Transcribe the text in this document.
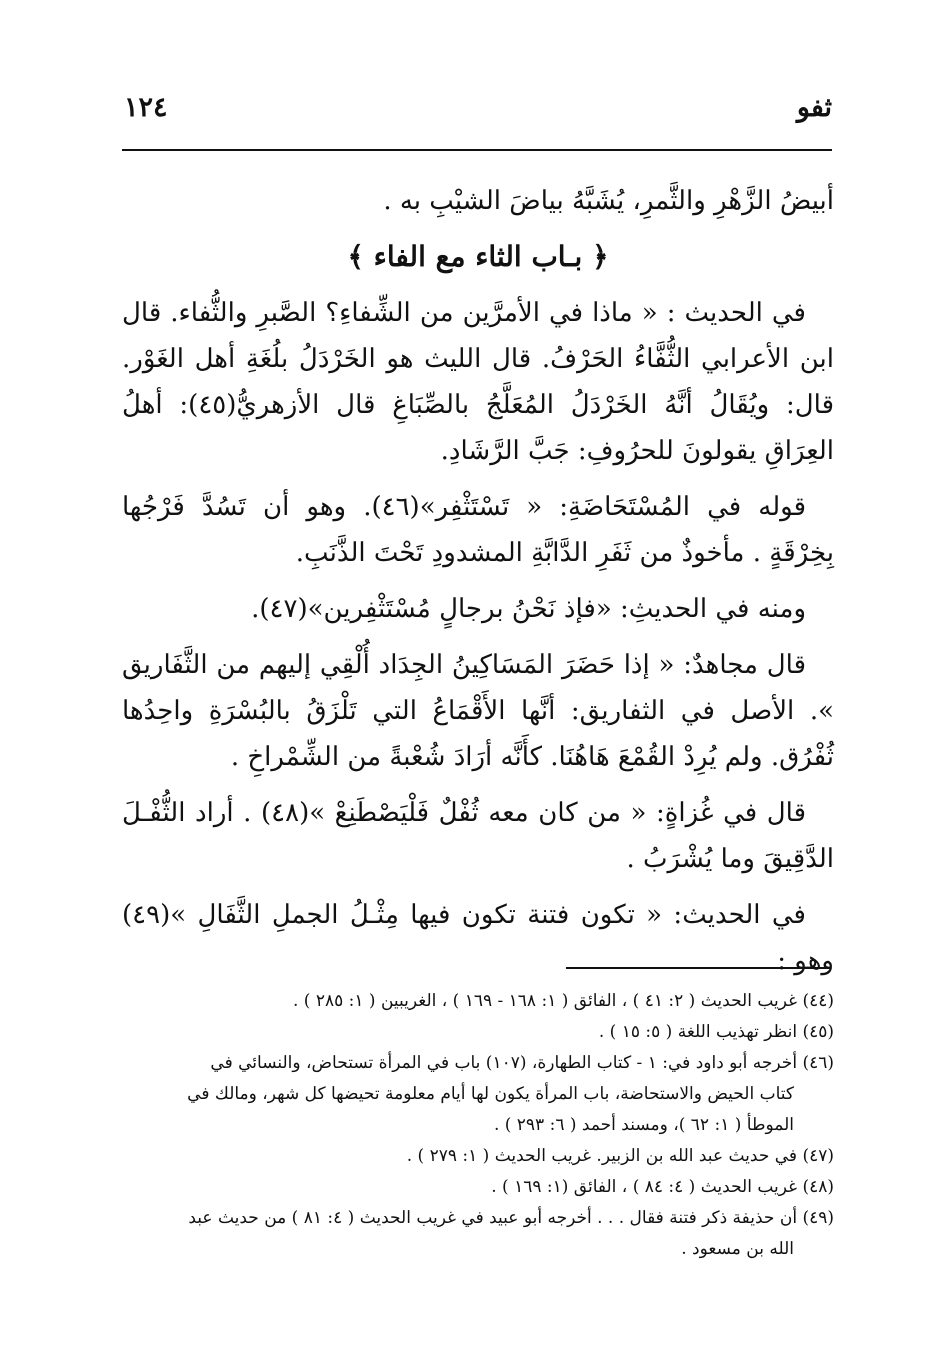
ثفو
١٢٤

أبيضُ الزَّهْرِ والثَّمرِ، يُشَبَّهُ بياضَ الشيْبِ به .

﴿ بـاب الثاء مع الفاء ﴾

في الحديث : « ماذا في الأمرَّين من الشِّفاءِ؟ الصَّبرِ والثُّفاء. قال ابن الأعرابي الثُّفَّاءُ الحَرْفُ. قال الليث هو الخَرْدَلُ بلُغَةِ أهل الغَوْر. قال: ويُقَالُ أنَّهُ الخَرْدَلُ المُعَلَّجُ بالصِّبَاغِ قال الأزهريُّ(٤٥): أهلُ العِرَاقِ يقولونَ للحرُوفِ: جَبَّ الرَّشَادِ.

قوله في المُسْتَحَاضَةِ: « تَسْتَثْفِر»(٤٦). وهو أن تَسُدَّ فَرْجُها بِخِرْقَةٍ . مأخوذٌ من ثَفَرِ الدَّابَّةِ المشدودِ تَحْتَ الذَّنَبِ.

ومنه في الحديثِ: «فإذ نَحْنُ برجالٍ مُسْتَثْفِرين»(٤٧).

قال مجاهدٌ: « إذا حَضَرَ المَسَاكِينُ الجِدَاد أُلْقِي إليهم من الثَّفَاريق ». الأصل في الثفاريق: أنَّها الأَقْمَاعُ التي تَلْزَقُ بالبُسْرَةِ واحِدُها ثُفْرُق. ولم يُرِدْ القُمْعَ هَاهُنَا. كأَنَّه أرَادَ شُعْبةً من الشِّمْراخِ .

قال في غُزاةٍ: « من كان معه ثُفْلٌ فَلْيَصْطَنِعْ »(٤٨) . أراد الثُّفْـلَ الدَّقِيقَ وما يُشْرَبُ .

في الحديث: « تكون فتنة تكون فيها مِثْـلُ الجملِ الثَّفَالِ »(٤٩) وهو :

(٤٤) غريب الحديث ( ٢: ٤١ ) ، الفائق ( ١: ١٦٨ - ١٦٩ ) ، الغريبين ( ١: ٢٨٥ ) .

(٤٥) انظر تهذيب اللغة ( ٥: ١٥ ) .

(٤٦) أخرجه أبو داود في: ١ - كتاب الطهارة، (١٠٧) باب في المرأة تستحاض، والنسائي في

كتاب الحيض والاستحاضة، باب المرأة يكون لها أيام معلومة تحيضها كل شهر، ومالك في

الموطأ ( ١: ٦٢ )، ومسند أحمد ( ٦: ٢٩٣ ) .

(٤٧) في حديث عبد الله بن الزبير. غريب الحديث ( ١: ٢٧٩ ) .

(٤٨) غريب الحديث ( ٤: ٨٤ ) ، الفائق (١: ١٦٩ ) .

(٤٩) أن حذيفة ذكر فتنة فقال . . . أخرجه أبو عبيد في غريب الحديث ( ٤: ٨١ ) من حديث عبد

الله بن مسعود .
